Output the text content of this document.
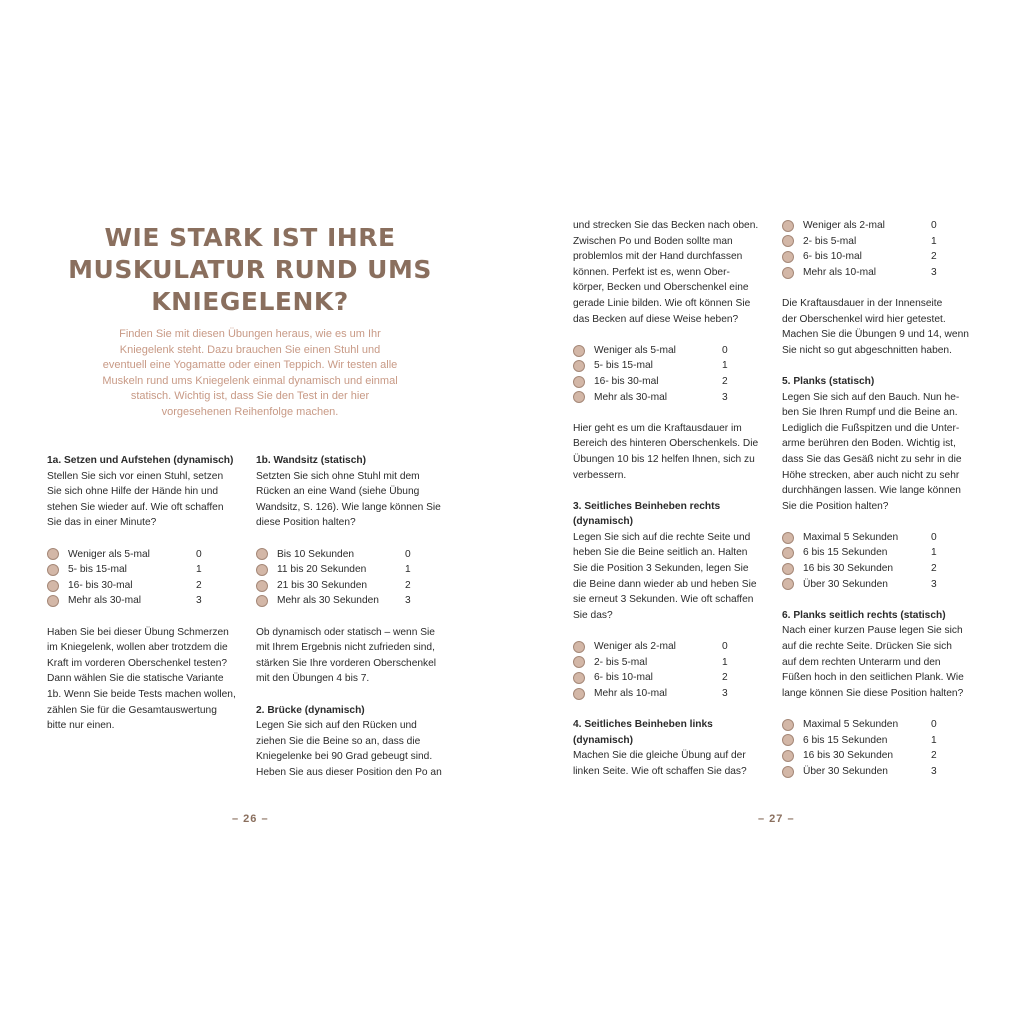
WIE STARK IST IHRE
MUSKULATUR RUND UMS
KNIEGELENK?
Finden Sie mit diesen Übungen heraus, wie es um Ihr
Kniegelenk steht. Dazu brauchen Sie einen Stuhl und
eventuell eine Yogamatte oder einen Teppich. Wir testen alle
Muskeln rund ums Kniegelenk einmal dynamisch und einmal
statisch. Wichtig ist, dass Sie den Test in der hier
vorgesehenen Reihenfolge machen.
1a. Setzen und Aufstehen (dynamisch)
Stellen Sie sich vor einen Stuhl, setzen
Sie sich ohne Hilfe der Hände hin und
stehen Sie wieder auf. Wie oft schaffen
Sie das in einer Minute?
Weniger als 5-mal	0
5- bis 15-mal	1
16- bis 30-mal	2
Mehr als 30-mal	3
Haben Sie bei dieser Übung Schmerzen
im Kniegelenk, wollen aber trotzdem die
Kraft im vorderen Oberschenkel testen?
Dann wählen Sie die statische Variante
1b. Wenn Sie beide Tests machen wollen,
zählen Sie für die Gesamtauswertung
bitte nur einen.
1b. Wandsitz (statisch)
Setzten Sie sich ohne Stuhl mit dem
Rücken an eine Wand (siehe Übung
Wandsitz, S. 126). Wie lange können Sie
diese Position halten?
Bis 10 Sekunden	0
11 bis 20 Sekunden	1
21 bis 30 Sekunden	2
Mehr als 30 Sekunden	3
Ob dynamisch oder statisch – wenn Sie
mit Ihrem Ergebnis nicht zufrieden sind,
stärken Sie Ihre vorderen Oberschenkel
mit den Übungen 4 bis 7.
2. Brücke (dynamisch)
Legen Sie sich auf den Rücken und
ziehen Sie die Beine so an, dass die
Kniegelenke bei 90 Grad gebeugt sind.
Heben Sie aus dieser Position den Po an
– 26 –
und strecken Sie das Becken nach oben.
Zwischen Po und Boden sollte man
problemlos mit der Hand durchfassen
können. Perfekt ist es, wenn Ober-
körper, Becken und Oberschenkel eine
gerade Linie bilden. Wie oft können Sie
das Becken auf diese Weise heben?
Weniger als 5-mal	0
5- bis 15-mal	1
16- bis 30-mal	2
Mehr als 30-mal	3
Hier geht es um die Kraftausdauer im
Bereich des hinteren Oberschenkels. Die
Übungen 10 bis 12 helfen Ihnen, sich zu
verbessern.
3. Seitliches Beinheben rechts
(dynamisch)
Legen Sie sich auf die rechte Seite und
heben Sie die Beine seitlich an. Halten
Sie die Position 3 Sekunden, legen Sie
die Beine dann wieder ab und heben Sie
sie erneut 3 Sekunden. Wie oft schaffen
Sie das?
Weniger als 2-mal	0
2- bis 5-mal	1
6- bis 10-mal	2
Mehr als 10-mal	3
4. Seitliches Beinheben links
(dynamisch)
Machen Sie die gleiche Übung auf der
linken Seite. Wie oft schaffen Sie das?
Weniger als 2-mal	0
2- bis 5-mal	1
6- bis 10-mal	2
Mehr als 10-mal	3
Die Kraftausdauer in der Innenseite
der Oberschenkel wird hier getestet.
Machen Sie die Übungen 9 und 14, wenn
Sie nicht so gut abgeschnitten haben.
5. Planks (statisch)
Legen Sie sich auf den Bauch. Nun he-
ben Sie Ihren Rumpf und die Beine an.
Lediglich die Fußspitzen und die Unter-
arme berühren den Boden. Wichtig ist,
dass Sie das Gesäß nicht zu sehr in die
Höhe strecken, aber auch nicht zu sehr
durchhängen lassen. Wie lange können
Sie die Position halten?
Maximal 5 Sekunden	0
6 bis 15 Sekunden	1
16 bis 30 Sekunden	2
Über 30 Sekunden	3
6. Planks seitlich rechts (statisch)
Nach einer kurzen Pause legen Sie sich
auf die rechte Seite. Drücken Sie sich
auf dem rechten Unterarm und den
Füßen hoch in den seitlichen Plank. Wie
lange können Sie diese Position halten?
Maximal 5 Sekunden	0
6 bis 15 Sekunden	1
16 bis 30 Sekunden	2
Über 30 Sekunden	3
– 27 –
